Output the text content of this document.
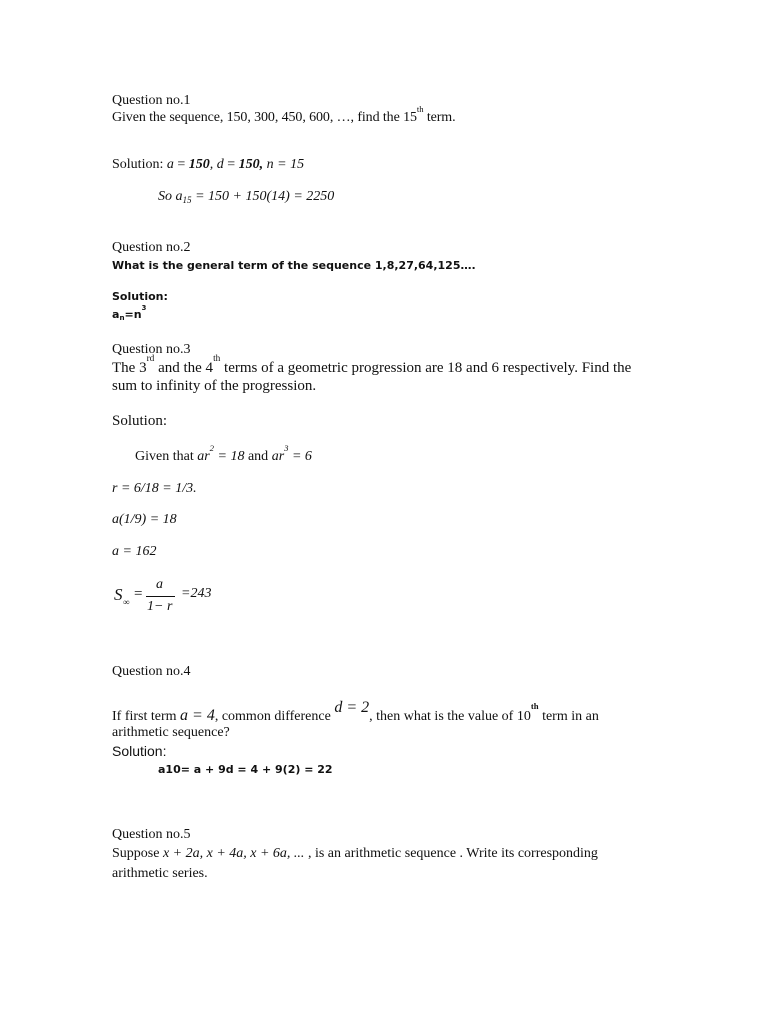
Question no.1
Given the sequence, 150, 300, 450, 600, …, find the 15th term.
Solution: a = 150, d = 150, n = 15
So $a_{15} = 150 + 150(14) = 2250$
Question no.2
What is the general term of the sequence 1,8,27,64,125….
Solution:
$a_n=n^3$
Question no.3
The 3rd and the 4th terms of a geometric progression are 18 and 6 respectively. Find the
sum to infinity of the progression.
Solution:
Given that $ar^2 = 18$ and $ar^3 = 6$
r = 6/18 = 1/3.
a(1/9) = 18
a = 162
S ∞ =
a
1− r
=243
Question no.4
If first term a = 4, common difference d = 2, then what is the value of 10th term in an
arithmetic sequence?
Solution:
a10= a + 9d = 4 + 9(2) = 22
Question no.5
Suppose x + 2a, x + 4a, x + 6a, ... , is an arithmetic sequence . Write its corresponding
arithmetic series.
